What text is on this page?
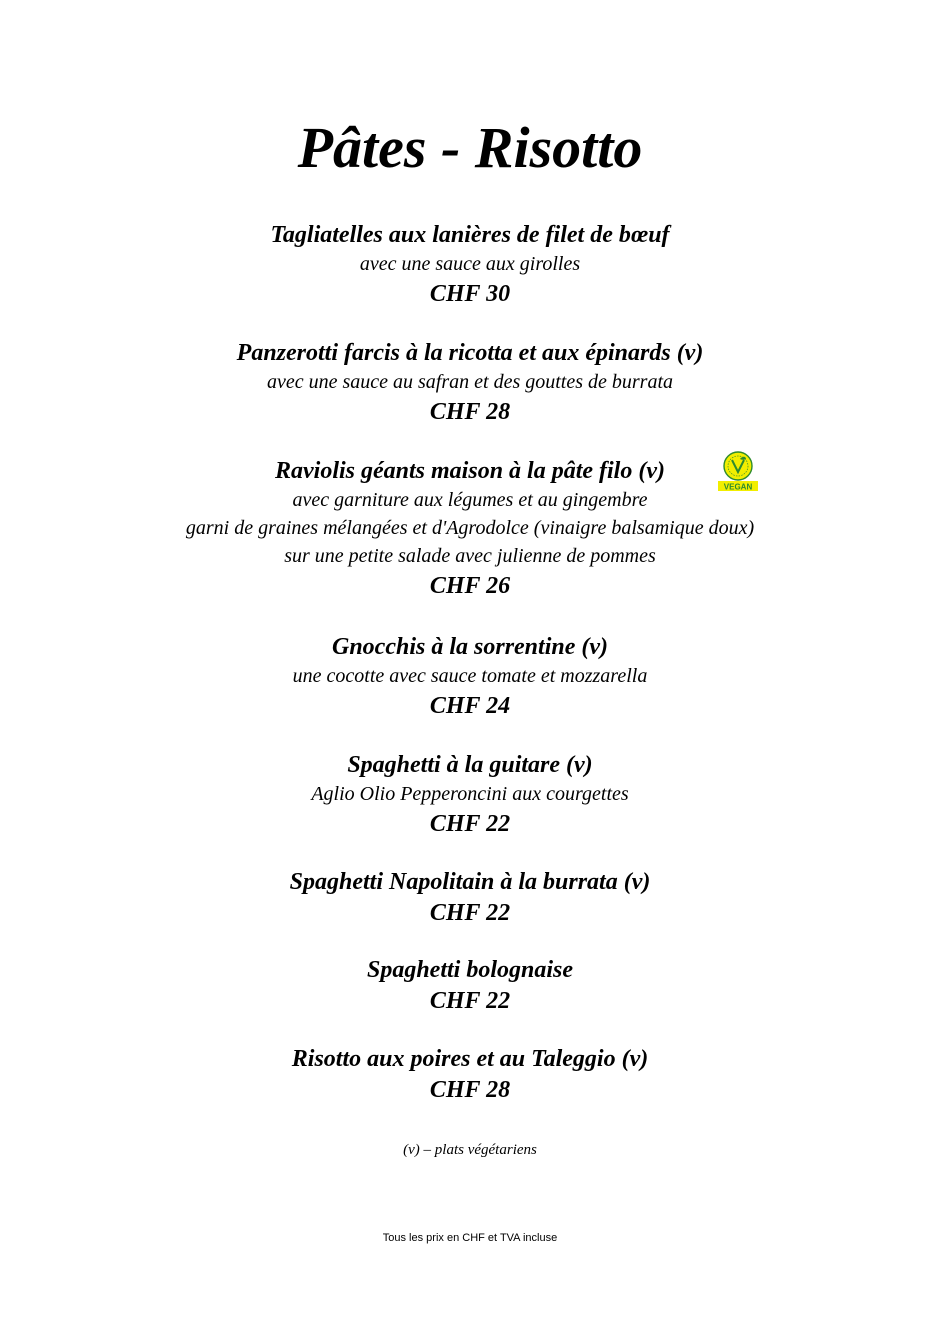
Pâtes - Risotto
Tagliatelles aux lanières de filet de bœuf
avec une sauce aux girolles
CHF 30
Panzerotti farcis à la ricotta et aux épinards (v)
avec une sauce au safran et des gouttes de burrata
CHF 28
Raviolis géants maison à la pâte filo (v)
avec garniture aux légumes et au gingembre
garni de graines mélangées et d'Agrodolce (vinaigre balsamique doux)
sur une petite salade avec julienne de pommes
CHF 26
VEGAN
Gnocchis à la sorrentine (v)
une cocotte avec sauce tomate et mozzarella
CHF 24
Spaghetti à la guitare (v)
Aglio Olio Pepperoncini aux courgettes
CHF 22
Spaghetti Napolitain à la burrata (v)
CHF 22
Spaghetti bolognaise
CHF 22
Risotto aux poires et au Taleggio (v)
CHF 28
(v) – plats végétariens
Tous les prix en CHF et TVA incluse
